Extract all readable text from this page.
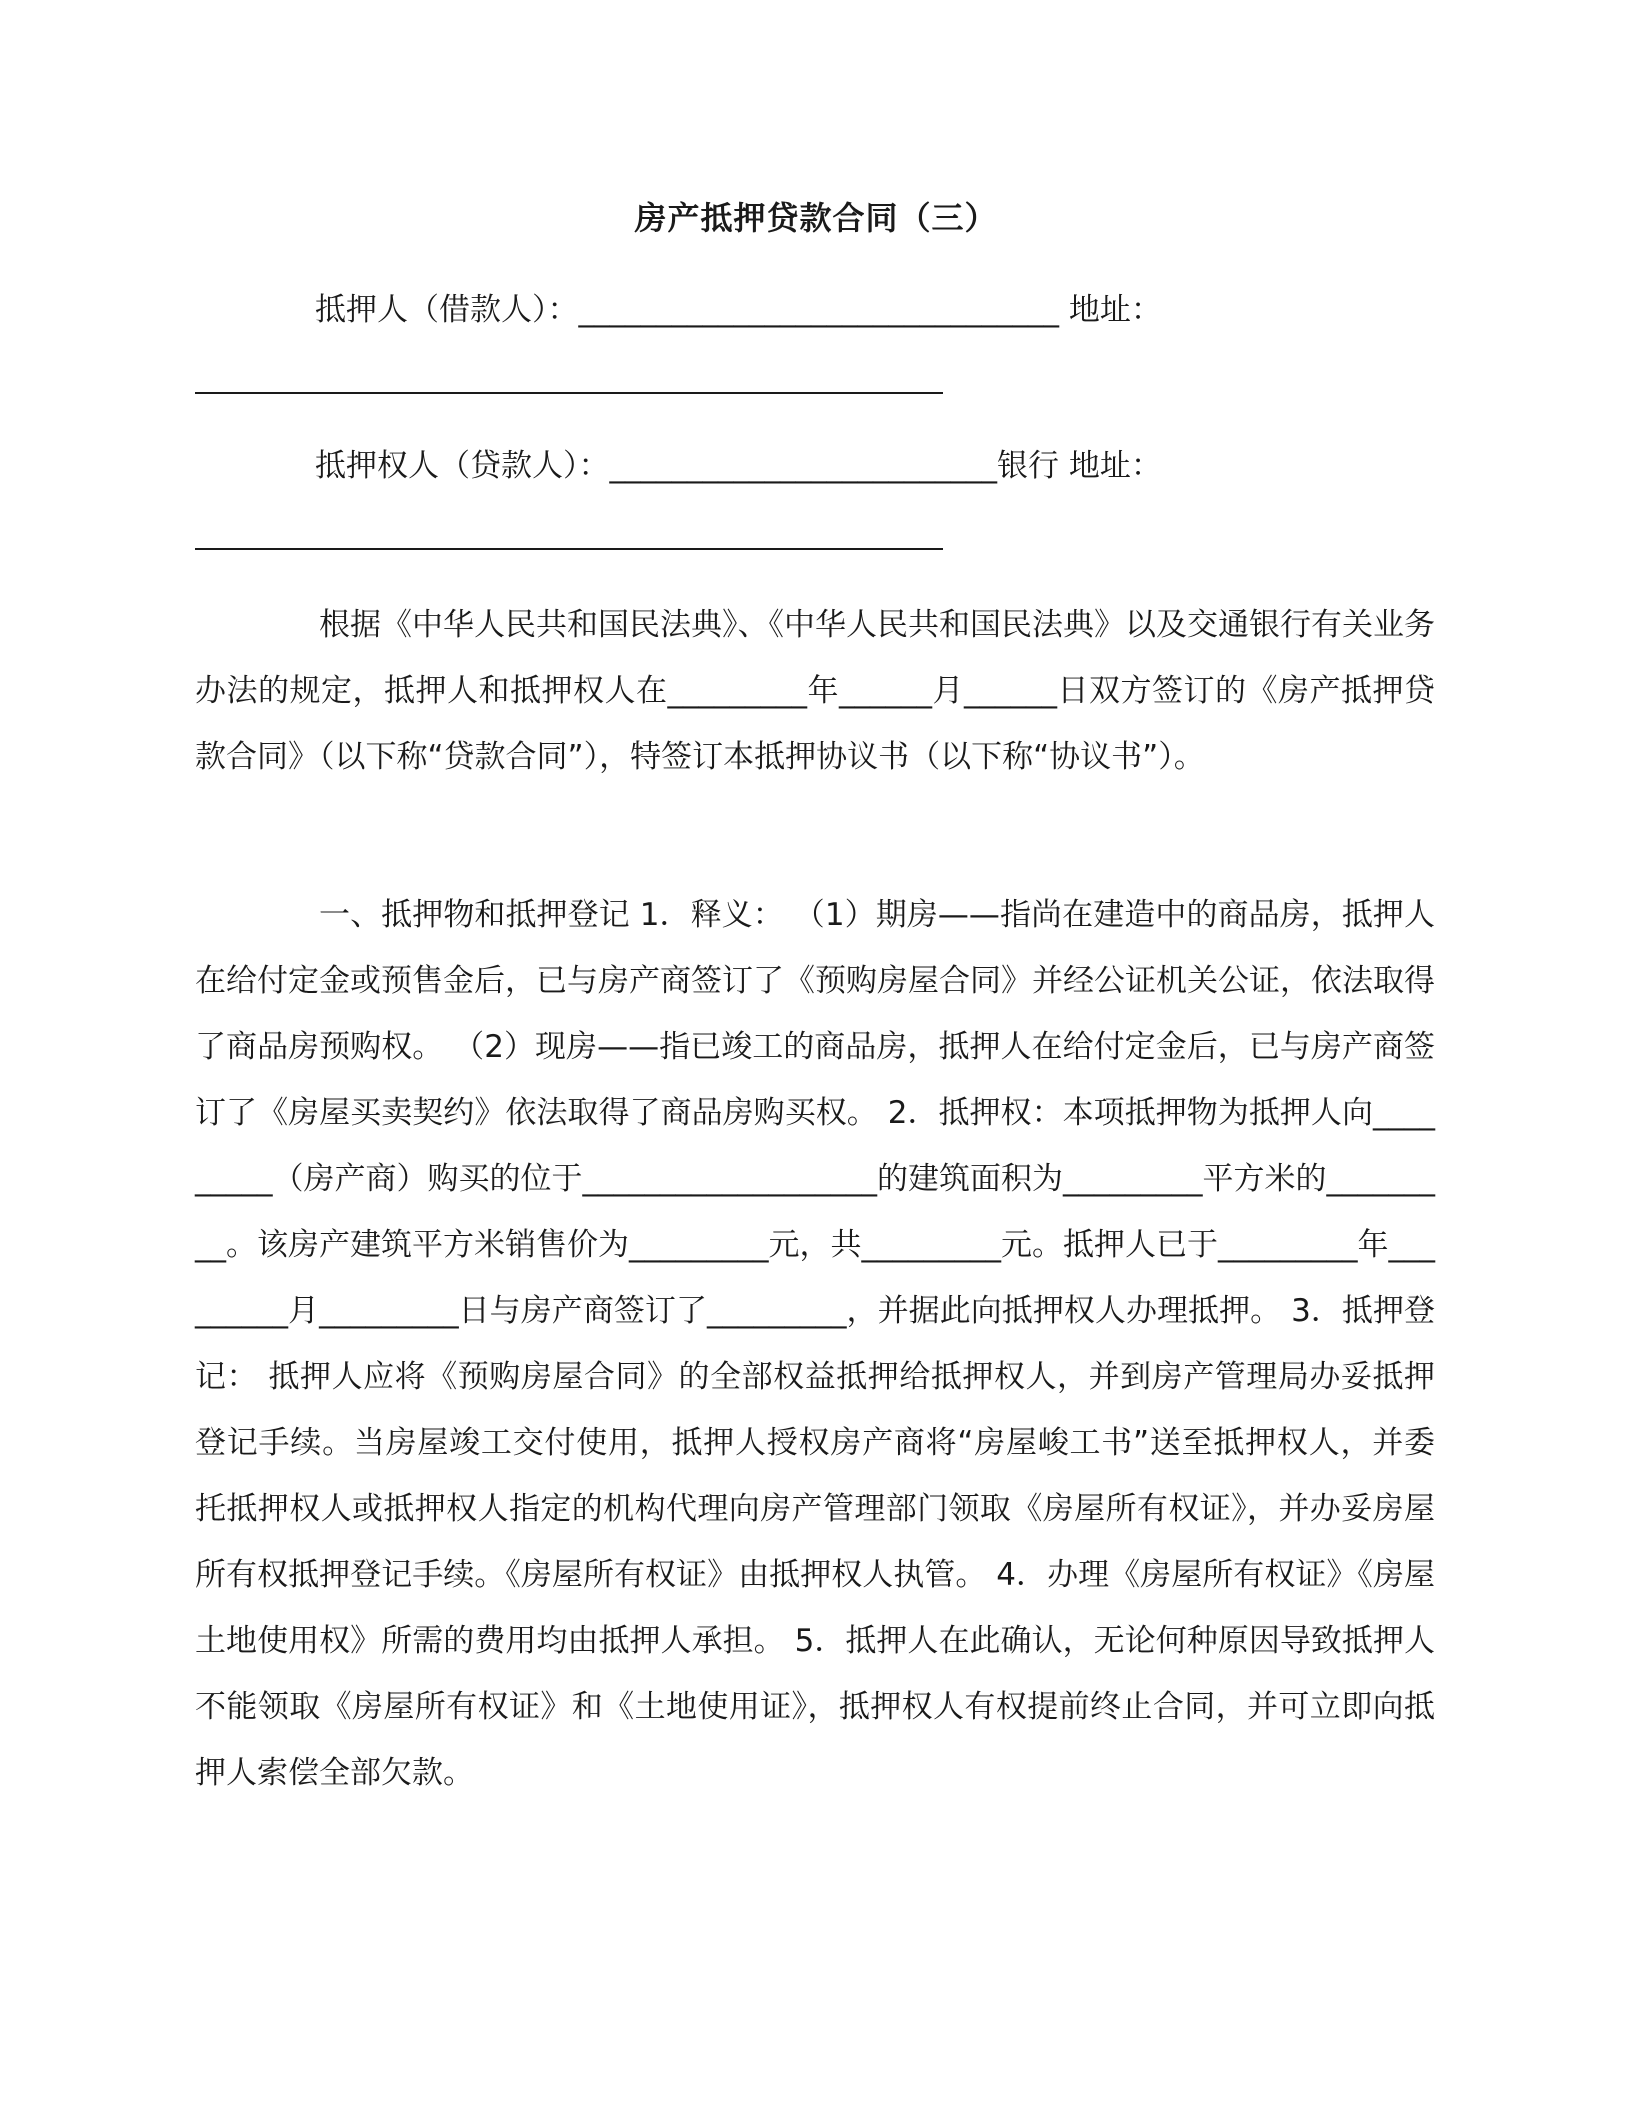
房产抵押贷款合同（三）
抵押人（借款人）：_______________________________ 地址：
抵押权人（贷款人）：_________________________银行 地址：

根据《中华人民共和国民法典》、《中华人民共和国民法典》以及交通银行有关业务办法的规定，抵押人和抵押权人在_________年______月______日双方签订的《房产抵押贷款合同》（以下称“贷款合同”），特签订本抵押协议书（以下称“协议书”）。

一、抵押物和抵押登记 1．释义： （1）期房——指尚在建造中的商品房，抵押人在给付定金或预售金后，已与房产商签订了《预购房屋合同》并经公证机关公证，依法取得了商品房预购权。 （2）现房——指已竣工的商品房，抵押人在给付定金后，已与房产商签订了《房屋买卖契约》依法取得了商品房购买权。 2．抵押权：本项抵押物为抵押人向_________（房产商）购买的位于___________________的建筑面积为_________平方米的_________。该房产建筑平方米销售价为_________元，共_________元。抵押人已于_________年_________月_________日与房产商签订了_________，并据此向抵押权人办理抵押。 3．抵押登记： 抵押人应将《预购房屋合同》的全部权益抵押给抵押权人，并到房产管理局办妥抵押登记手续。当房屋竣工交付使用，抵押人授权房产商将“房屋峻工书”送至抵押权人，并委托抵押权人或抵押权人指定的机构代理向房产管理部门领取《房屋所有权证》，并办妥房屋所有权抵押登记手续。《房屋所有权证》由抵押权人执管。 4．办理《房屋所有权证》《房屋土地使用权》所需的费用均由抵押人承担。 5．抵押人在此确认，无论何种原因导致抵押人不能领取《房屋所有权证》和《土地使用证》，抵押权人有权提前终止合同，并可立即向抵押人索偿全部欠款。
